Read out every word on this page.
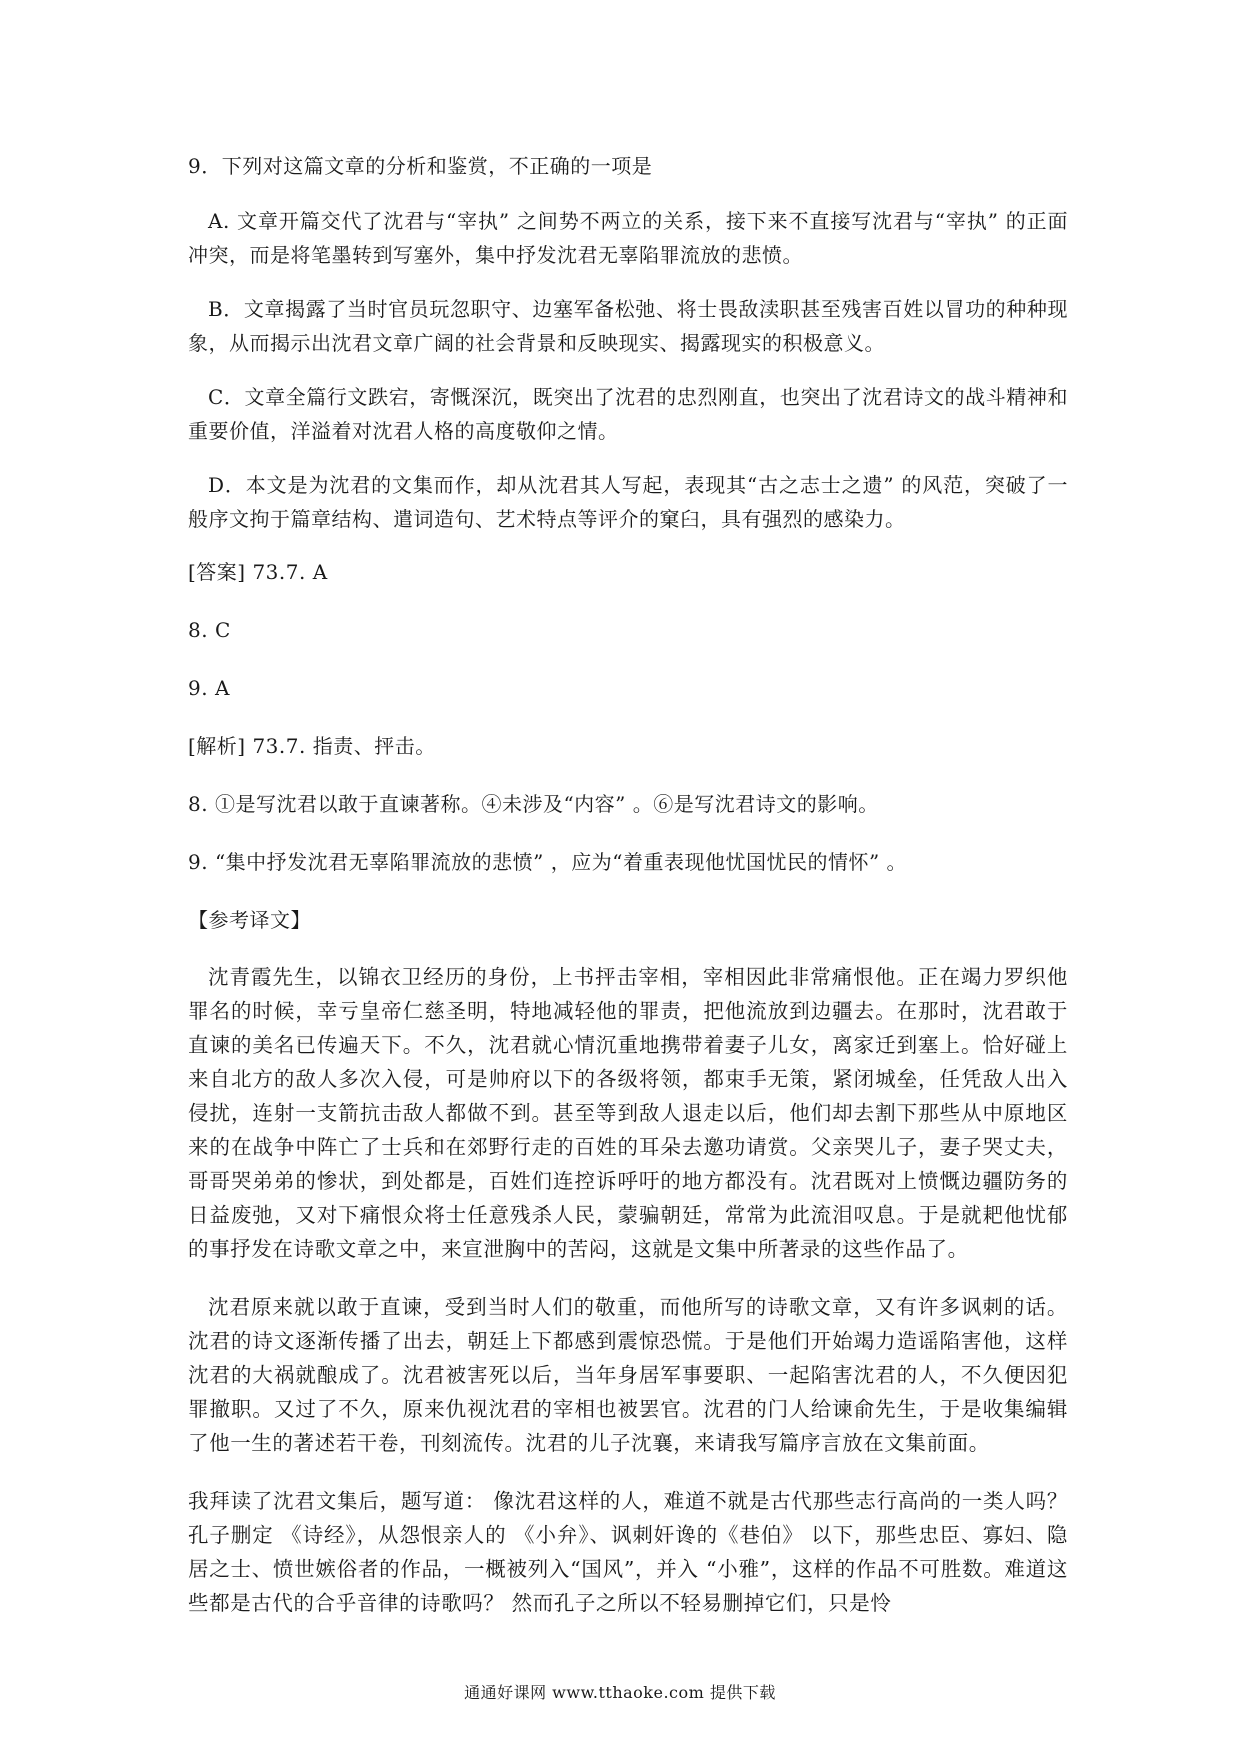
9．下列对这篇文章的分析和鉴赏，不正确的一项是

A. 文章开篇交代了沈君与“宰执” 之间势不两立的关系，接下来不直接写沈君与“宰执” 的正面冲突，而是将笔墨转到写塞外，集中抒发沈君无辜陷罪流放的悲愤。

B．文章揭露了当时官员玩忽职守、边塞军备松弛、将士畏敌渎职甚至残害百姓以冒功的种种现象，从而揭示出沈君文章广阔的社会背景和反映现实、揭露现实的积极意义。

C．文章全篇行文跌宕，寄慨深沉，既突出了沈君的忠烈刚直，也突出了沈君诗文的战斗精神和重要价值，洋溢着对沈君人格的高度敬仰之情。

D．本文是为沈君的文集而作，却从沈君其人写起，表现其“古之志士之遗” 的风范，突破了一般序文拘于篇章结构、遣词造句、艺术特点等评介的窠臼，具有强烈的感染力。

[答案] 73.7. A

8. C

9. A

[解析] 73.7. 指责、抨击。

8. ①是写沈君以敢于直谏著称。④未涉及“内容” 。⑥是写沈君诗文的影响。

9. “集中抒发沈君无辜陷罪流放的悲愤” ，应为“着重表现他忧国忧民的情怀” 。

【参考译文】

沈青霞先生，以锦衣卫经历的身份，上书抨击宰相，宰相因此非常痛恨他。正在竭力罗织他罪名的时候，幸亏皇帝仁慈圣明，特地减轻他的罪责，把他流放到边疆去。在那时，沈君敢于直谏的美名已传遍天下。不久，沈君就心情沉重地携带着妻子儿女，离家迁到塞上。恰好碰上来自北方的敌人多次入侵，可是帅府以下的各级将领，都束手无策，紧闭城垒，任凭敌人出入侵扰，连射一支箭抗击敌人都做不到。甚至等到敌人退走以后，他们却去割下那些从中原地区来的在战争中阵亡了士兵和在郊野行走的百姓的耳朵去邀功请赏。父亲哭儿子，妻子哭丈夫，哥哥哭弟弟的惨状，到处都是，百姓们连控诉呼吁的地方都没有。沈君既对上愤慨边疆防务的日益废弛，又对下痛恨众将士任意残杀人民，蒙骗朝廷，常常为此流泪叹息。于是就耙他忧郁的事抒发在诗歌文章之中，来宣泄胸中的苦闷，这就是文集中所著录的这些作品了。

沈君原来就以敢于直谏，受到当时人们的敬重，而他所写的诗歌文章，又有许多讽刺的话。沈君的诗文逐渐传播了出去，朝廷上下都感到震惊恐慌。于是他们开始竭力造谣陷害他，这样沈君的大祸就酿成了。沈君被害死以后，当年身居军事要职、一起陷害沈君的人，不久便因犯罪撤职。又过了不久，原来仇视沈君的宰相也被罢官。沈君的门人给谏俞先生，于是收集编辑了他一生的著述若干卷，刊刻流传。沈君的儿子沈襄，来请我写篇序言放在文集前面。

我拜读了沈君文集后，题写道： 像沈君这样的人，难道不就是古代那些志行高尚的一类人吗？ 孔子删定 《诗经》，从怨恨亲人的 《小弁》、讽刺奸谗的《巷伯》 以下，那些忠臣、寡妇、隐居之士、愤世嫉俗者的作品，一概被列入“国风”，并入 “小雅”，这样的作品不可胜数。难道这些都是古代的合乎音律的诗歌吗？ 然而孔子之所以不轻易删掉它们，只是怜

通通好课网 www.tthaoke.com 提供下载
